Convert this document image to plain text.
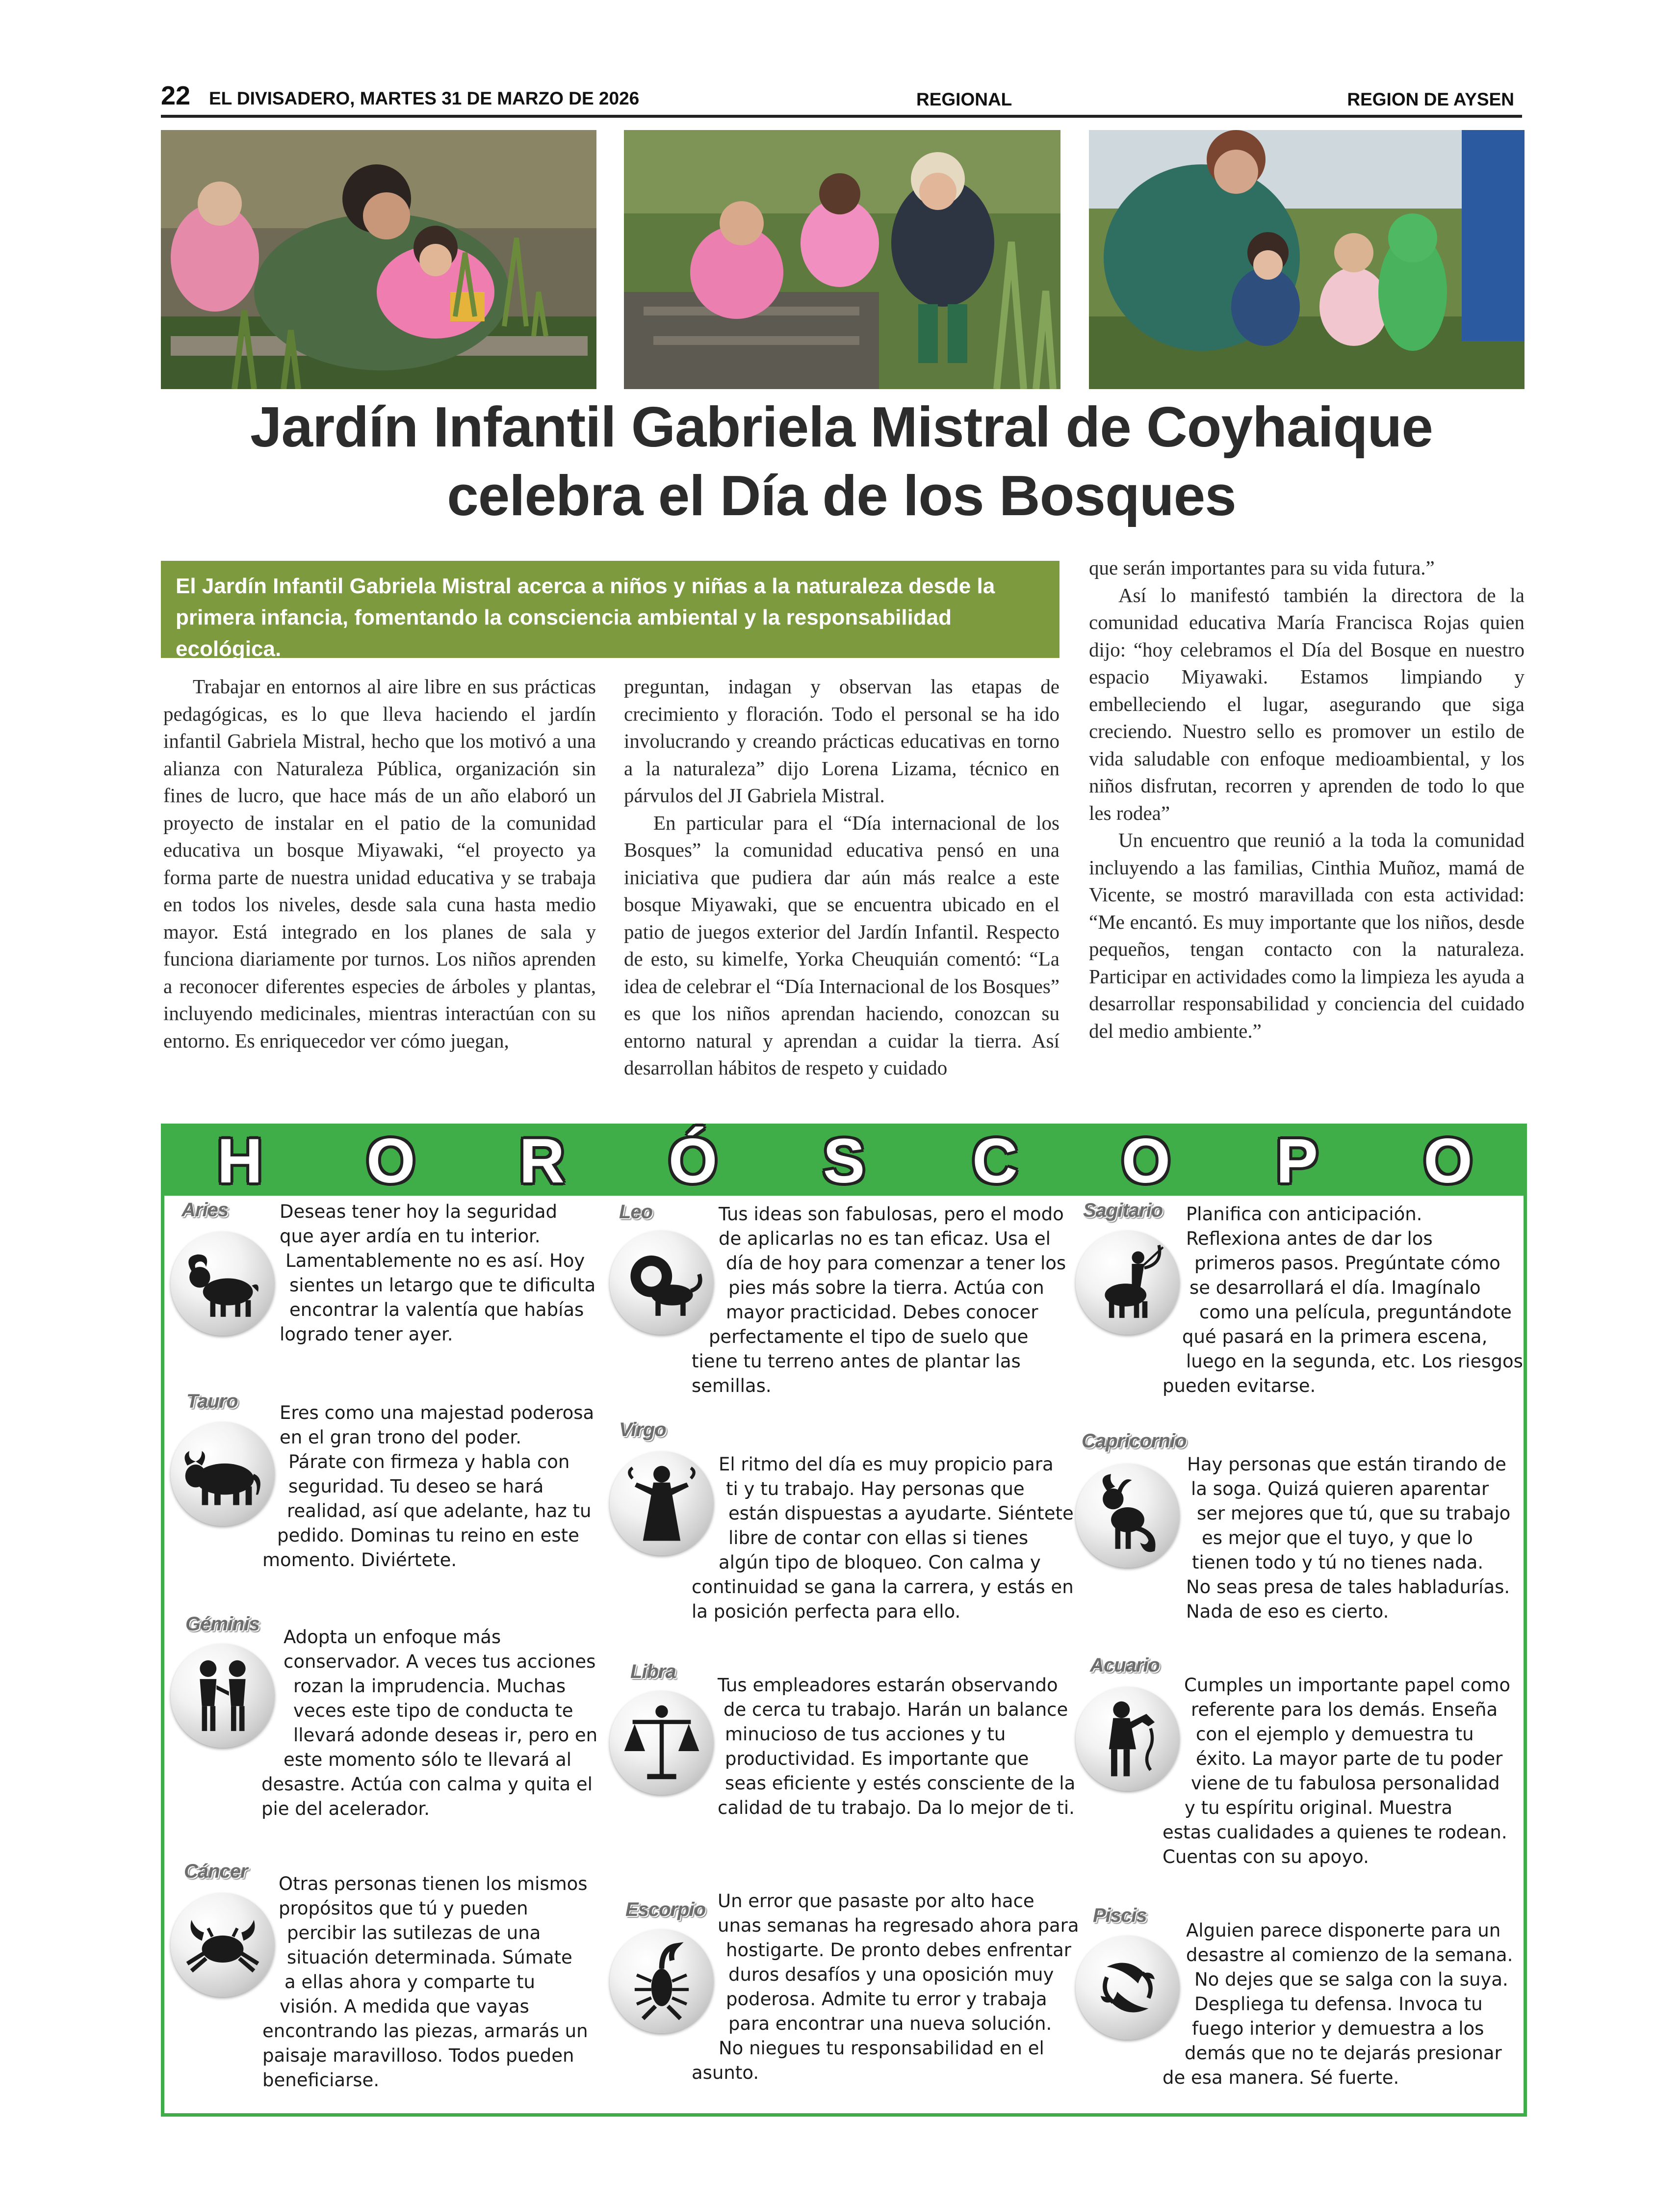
22 EL DIVISADERO, MARTES 31 DE MARZO DE 2026	REGIONAL	REGION DE AYSEN
Jardín Infantil Gabriela Mistral de Coyhaique
celebra el Día de los Bosques
El Jardín Infantil Gabriela Mistral acerca a niños y niñas a la naturaleza desde la primera infancia, fomentando la consciencia ambiental y la responsabilidad ecológica.

Trabajar en entornos al aire libre en sus prácticas pedagógicas, es lo que lleva haciendo el jardín infantil Gabriela Mistral, hecho que los motivó a una alianza con Naturaleza Pública, organización sin fines de lucro, que hace más de un año elaboró un proyecto de instalar en el patio de la comunidad educativa un bosque Miyawaki, “el proyecto ya forma parte de nuestra unidad educativa y se trabaja en todos los niveles, desde sala cuna hasta medio mayor. Está integrado en los planes de sala y funciona diariamente por turnos. Los niños aprenden a reconocer diferentes especies de árboles y plantas, incluyendo medicinales, mientras interactúan con su entorno. Es enriquecedor ver cómo juegan,

preguntan, indagan y observan las etapas de crecimiento y floración. Todo el personal se ha ido involucrando y creando prácticas educativas en torno a la naturaleza” dijo Lorena Lizama, técnico en párvulos del JI Gabriela Mistral.

En particular para el “Día internacional de los Bosques” la comunidad educativa pensó en una iniciativa que pudiera dar aún más realce a este bosque Miyawaki, que se encuentra ubicado en el patio de juegos exterior del Jardín Infantil. Respecto de esto, su kimelfe, Yorka Cheuquián comentó: “La idea de celebrar el “Día Internacional de los Bosques” es que los niños aprendan haciendo, conozcan su entorno natural y aprendan a cuidar la tierra. Así desarrollan hábitos de respeto y cuidado

que serán importantes para su vida futura.”

Así lo manifestó también la directora de la comunidad educativa María Francisca Rojas quien dijo: “hoy celebramos el Día del Bosque en nuestro espacio Miyawaki. Estamos limpiando y embelleciendo el lugar, asegurando que siga creciendo. Nuestro sello es promover un estilo de vida saludable con enfoque medioambiental, y los niños disfrutan, recorren y aprenden de todo lo que les rodea”

Un encuentro que reunió a la toda la comunidad incluyendo a las familias, Cinthia Muñoz, mamá de Vicente, se mostró maravillada con esta actividad: “Me encantó. Es muy importante que los niños, desde pequeños, tengan contacto con la naturaleza. Participar en actividades como la limpieza les ayuda a desarrollar responsabilidad y conciencia del cuidado del medio ambiente.”

H	O	R	Ó	S	C	O	P	O
Aries	Deseas tener hoy la seguridad
que ayer ardía en tu interior.
Lamentablemente no es así. Hoy
sientes un letargo que te dificulta
encontrar la valentía que habías
logrado tener ayer.
Tauro
Eres como una majestad poderosa
en el gran trono del poder.
Párate con firmeza y habla con
seguridad. Tu deseo se hará
realidad, así que adelante, haz tu
pedido. Dominas tu reino en este
momento. Diviértete.
Géminis
Adopta un enfoque más
conservador. A veces tus acciones
rozan la imprudencia. Muchas
veces este tipo de conducta te
llevará adonde deseas ir, pero en
este momento sólo te llevará al
desastre. Actúa con calma y quita el
pie del acelerador.
Cáncer
Otras personas tienen los mismos
propósitos que tú y pueden
percibir las sutilezas de una
situación determinada. Súmate
a ellas ahora y comparte tu
visión. A medida que vayas
encontrando las piezas, armarás un
paisaje maravilloso. Todos pueden
beneficiarse.
Leo	Tus ideas son fabulosas, pero el modo
de aplicarlas no es tan eficaz. Usa el
día de hoy para comenzar a tener los
pies más sobre la tierra. Actúa con
mayor practicidad. Debes conocer
perfectamente el tipo de suelo que
tiene tu terreno antes de plantar las
semillas.
Virgo
El ritmo del día es muy propicio para
ti y tu trabajo. Hay personas que
están dispuestas a ayudarte. Siéntete
libre de contar con ellas si tienes
algún tipo de bloqueo. Con calma y
continuidad se gana la carrera, y estás en
la posición perfecta para ello.
Libra
Tus empleadores estarán observando
de cerca tu trabajo. Harán un balance
minucioso de tus acciones y tu
productividad. Es importante que
seas eficiente y estés consciente de la
calidad de tu trabajo. Da lo mejor de ti.
Escorpio Un error que pasaste por alto hace
unas semanas ha regresado ahora para
hostigarte. De pronto debes enfrentar
duros desafíos y una oposición muy
poderosa. Admite tu error y trabaja
para encontrar una nueva solución.
No niegues tu responsabilidad en el
asunto.
Sagitario	Planifica con anticipación.
Reflexiona antes de dar los
primeros pasos. Pregúntate cómo
se desarrollará el día. Imagínalo
como una película, preguntándote
qué pasará en la primera escena,
luego en la segunda, etc. Los riesgos
pueden evitarse.
Capricornio
Hay personas que están tirando de
la soga. Quizá quieren aparentar
ser mejores que tú, que su trabajo
es mejor que el tuyo, y que lo
tienen todo y tú no tienes nada.
No seas presa de tales habladurías.
Nada de eso es cierto.
Acuario
Cumples un importante papel como
referente para los demás. Enseña
con el ejemplo y demuestra tu
éxito. La mayor parte de tu poder
viene de tu fabulosa personalidad
y tu espíritu original. Muestra
estas cualidades a quienes te rodean.
Cuentas con su apoyo.
Piscis
Alguien parece disponerte para un
desastre al comienzo de la semana.
No dejes que se salga con la suya.
Despliega tu defensa. Invoca tu
fuego interior y demuestra a los
demás que no te dejarás presionar
de esa manera. Sé fuerte.
